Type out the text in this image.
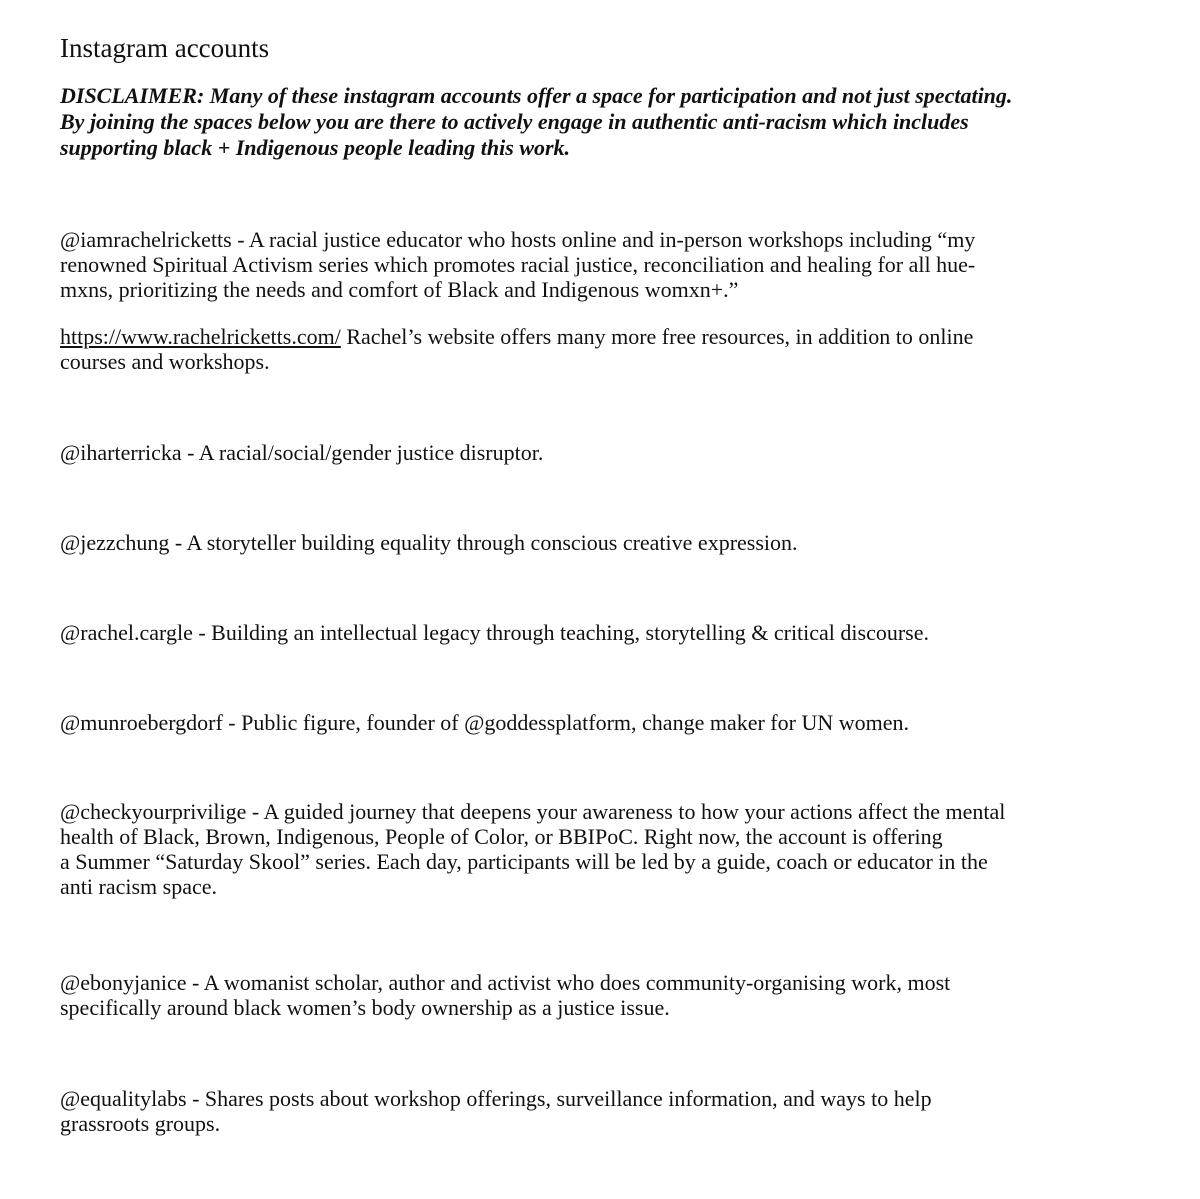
Instagram accounts
DISCLAIMER: Many of these instagram accounts offer a space for participation and not just spectating.
By joining the spaces below you are there to actively engage in authentic anti-racism which includes
supporting black + Indigenous people leading this work.
@iamrachelricketts - A racial justice educator who hosts online and in-person workshops including “my
renowned Spiritual Activism series which promotes racial justice, reconciliation and healing for all hue-
mxns, prioritizing the needs and comfort of Black and Indigenous womxn+.”
https://www.rachelricketts.com/ Rachel’s website offers many more free resources, in addition to online
courses and workshops.
@iharterricka - A racial/social/gender justice disruptor.
@jezzchung - A storyteller building equality through conscious creative expression.
@rachel.cargle - Building an intellectual legacy through teaching, storytelling & critical discourse.
@munroebergdorf - Public figure, founder of @goddessplatform, change maker for UN women.
@checkyourprivilige - A guided journey that deepens your awareness to how your actions affect the mental
health of Black, Brown, Indigenous, People of Color, or BBIPoC. Right now, the account is offering
a Summer “Saturday Skool” series. Each day, participants will be led by a guide, coach or educator in the
anti racism space.
@ebonyjanice - A womanist scholar, author and activist who does community-organising work, most
specifically around black women’s body ownership as a justice issue.
@equalitylabs - Shares posts about workshop offerings, surveillance information, and ways to help
grassroots groups.
